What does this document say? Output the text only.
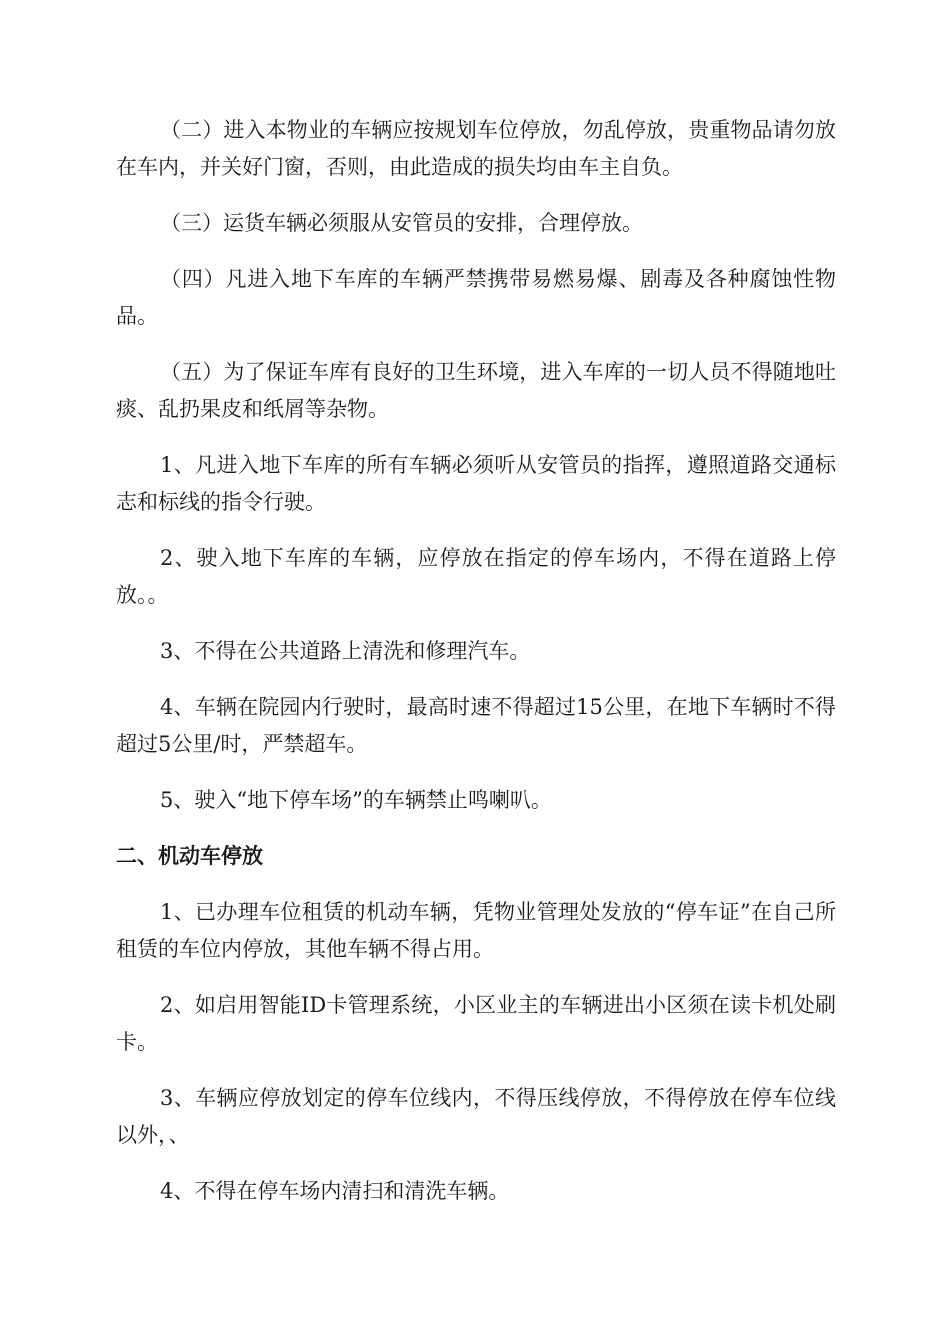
（二）进入本物业的车辆应按规划车位停放，勿乱停放，贵重物品请勿放在车内，并关好门窗，否则，由此造成的损失均由车主自负。

（三）运货车辆必须服从安管员的安排，合理停放。

（四）凡进入地下车库的车辆严禁携带易燃易爆、剧毒及各种腐蚀性物品。

（五）为了保证车库有良好的卫生环境，进入车库的一切人员不得随地吐痰、乱扔果皮和纸屑等杂物。

1、凡进入地下车库的所有车辆必须听从安管员的指挥，遵照道路交通标志和标线的指令行驶。

2、驶入地下车库的车辆，应停放在指定的停车场内，不得在道路上停放。。

3、不得在公共道路上清洗和修理汽车。

4、车辆在院园内行驶时，最高时速不得超过15公里，在地下车辆时不得超过5公里/时，严禁超车。

5、驶入“地下停车场”的车辆禁止鸣喇叭。

二、机动车停放

1、已办理车位租赁的机动车辆，凭物业管理处发放的“停车证”在自己所租赁的车位内停放，其他车辆不得占用。

2、如启用智能ID卡管理系统，小区业主的车辆进出小区须在读卡机处刷卡。

3、车辆应停放划定的停车位线内，不得压线停放，不得停放在停车位线以外，、

4、不得在停车场内清扫和清洗车辆。
